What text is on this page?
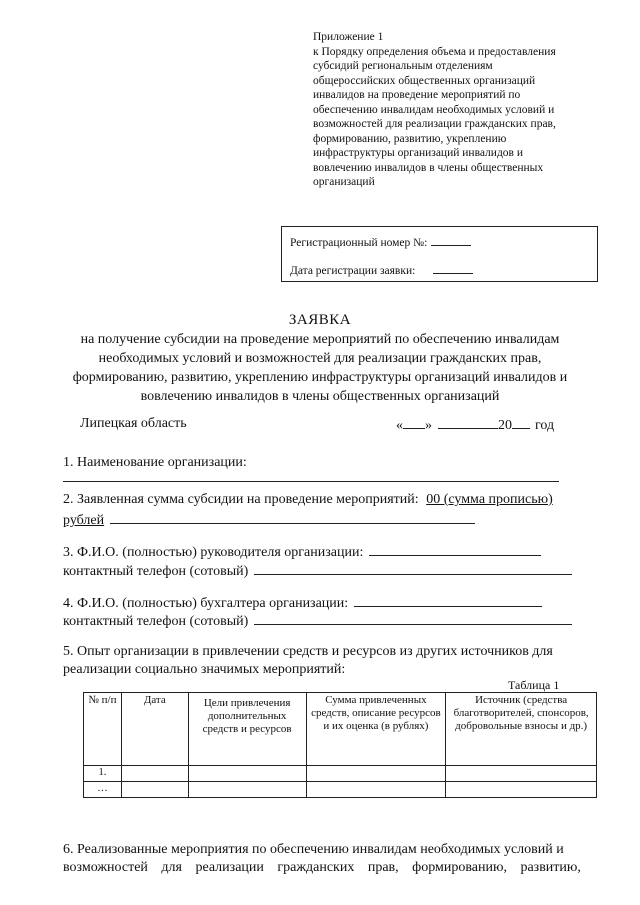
Приложение 1
к Порядку определения объема и предоставления
субсидий региональным отделениям
общероссийских общественных организаций
инвалидов на проведение мероприятий по
обеспечению инвалидам необходимых условий и
возможностей для реализации гражданских прав,
формированию, развитию, укреплению
инфраструктуры организаций инвалидов и
вовлечению инвалидов в члены общественных
организаций
Регистрационный номер №:
Дата регистрации заявки:
ЗАЯВКА
на получение субсидии на проведение мероприятий по обеспечению инвалидам
необходимых условий и возможностей для реализации гражданских прав,
формированию, развитию, укреплению инфраструктуры организаций инвалидов и
вовлечению инвалидов в члены общественных организаций
Липецкая область	« »	20 год
1. Наименование организации:
2. Заявленная сумма субсидии на проведение мероприятий: 00 (сумма прописью)
рублей
3. Ф.И.О. (полностью) руководителя организации:
контактный телефон (сотовый)
4. Ф.И.О. (полностью) бухгалтера организации:
контактный телефон (сотовый)
5. Опыт организации в привлечении средств и ресурсов из других источников для
реализации социально значимых мероприятий:
Таблица 1
№ п/п	Дата	Цели привлечения дополнительных средств и ресурсов	Сумма привлеченных средств, описание ресурсов и их оценка (в рублях)	Источник (средства благотворителей, спонсоров, добровольные взносы и др.)
1.				
…				
6. Реализованные мероприятия по обеспечению инвалидам необходимых условий и
возможностей для реализации гражданских прав, формированию, развитию,
